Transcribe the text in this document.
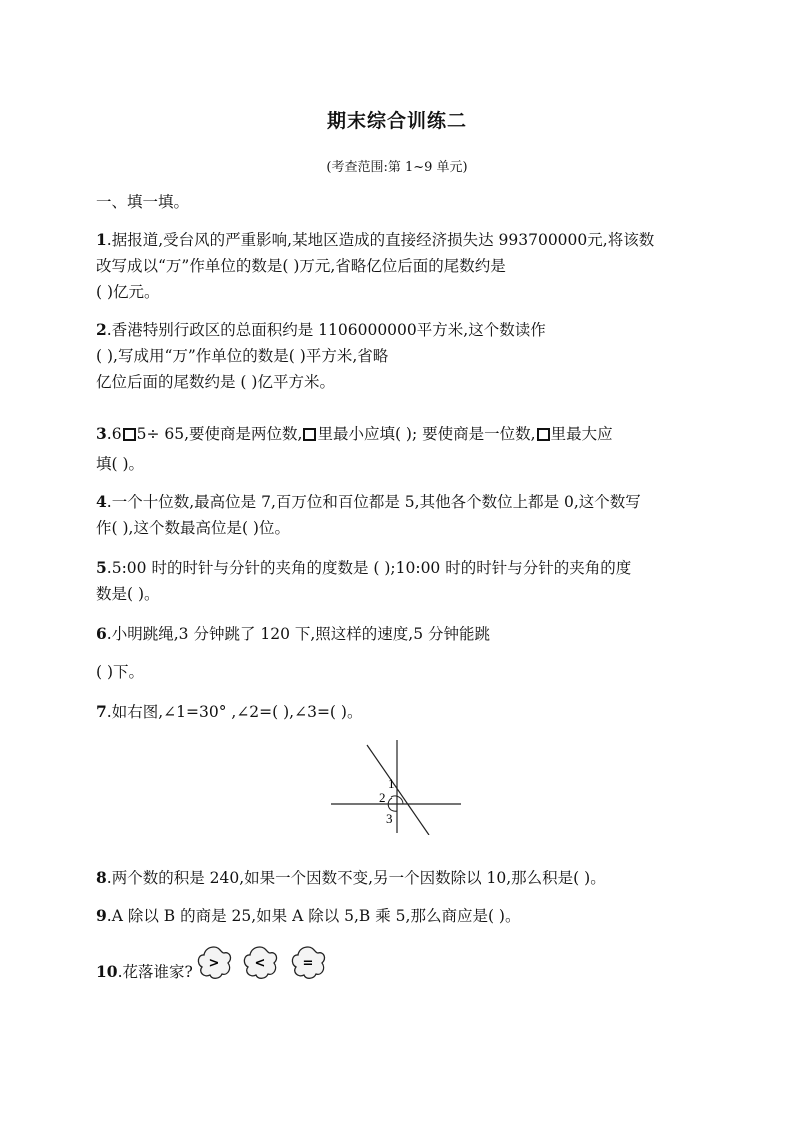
期末综合训练二
(考查范围:第 1~9 单元)
一、填一填。
1.据报道,受台风的严重影响,某地区造成的直接经济损失达 993700000元,将该数
改写成以“万”作单位的数是( )万元,省略亿位后面的尾数约是
( )亿元。
2.香港特别行政区的总面积约是 1106000000平方米,这个数读作
( ),写成用“万”作单位的数是( )平方米,省略
亿位后面的尾数约是 ( )亿平方米。
3.6 5÷ 65,要使商是两位数, 里最小应填( ); 要使商是一位数, 里最大应
填( )。
4.一个十位数,最高位是 7,百万位和百位都是 5,其他各个数位上都是 0,这个数写
作( ),这个数最高位是( )位。
5.5:00 时的时针与分针的夹角的度数是 ( );10:00 时的时针与分针的夹角的度
数是( )。
6.小明跳绳,3 分钟跳了 120 下,照这样的速度,5 分钟能跳
( )下。
7.如右图,∠1=30° ,∠2=( ),∠3=( )。
1
2
3
8.两个数的积是 240,如果一个因数不变,另一个因数除以 10,那么积是( )。
9.A 除以 B 的商是 25,如果 A 除以 5,B 乘 5,那么商应是( )。
10.花落谁家? >	<	=
